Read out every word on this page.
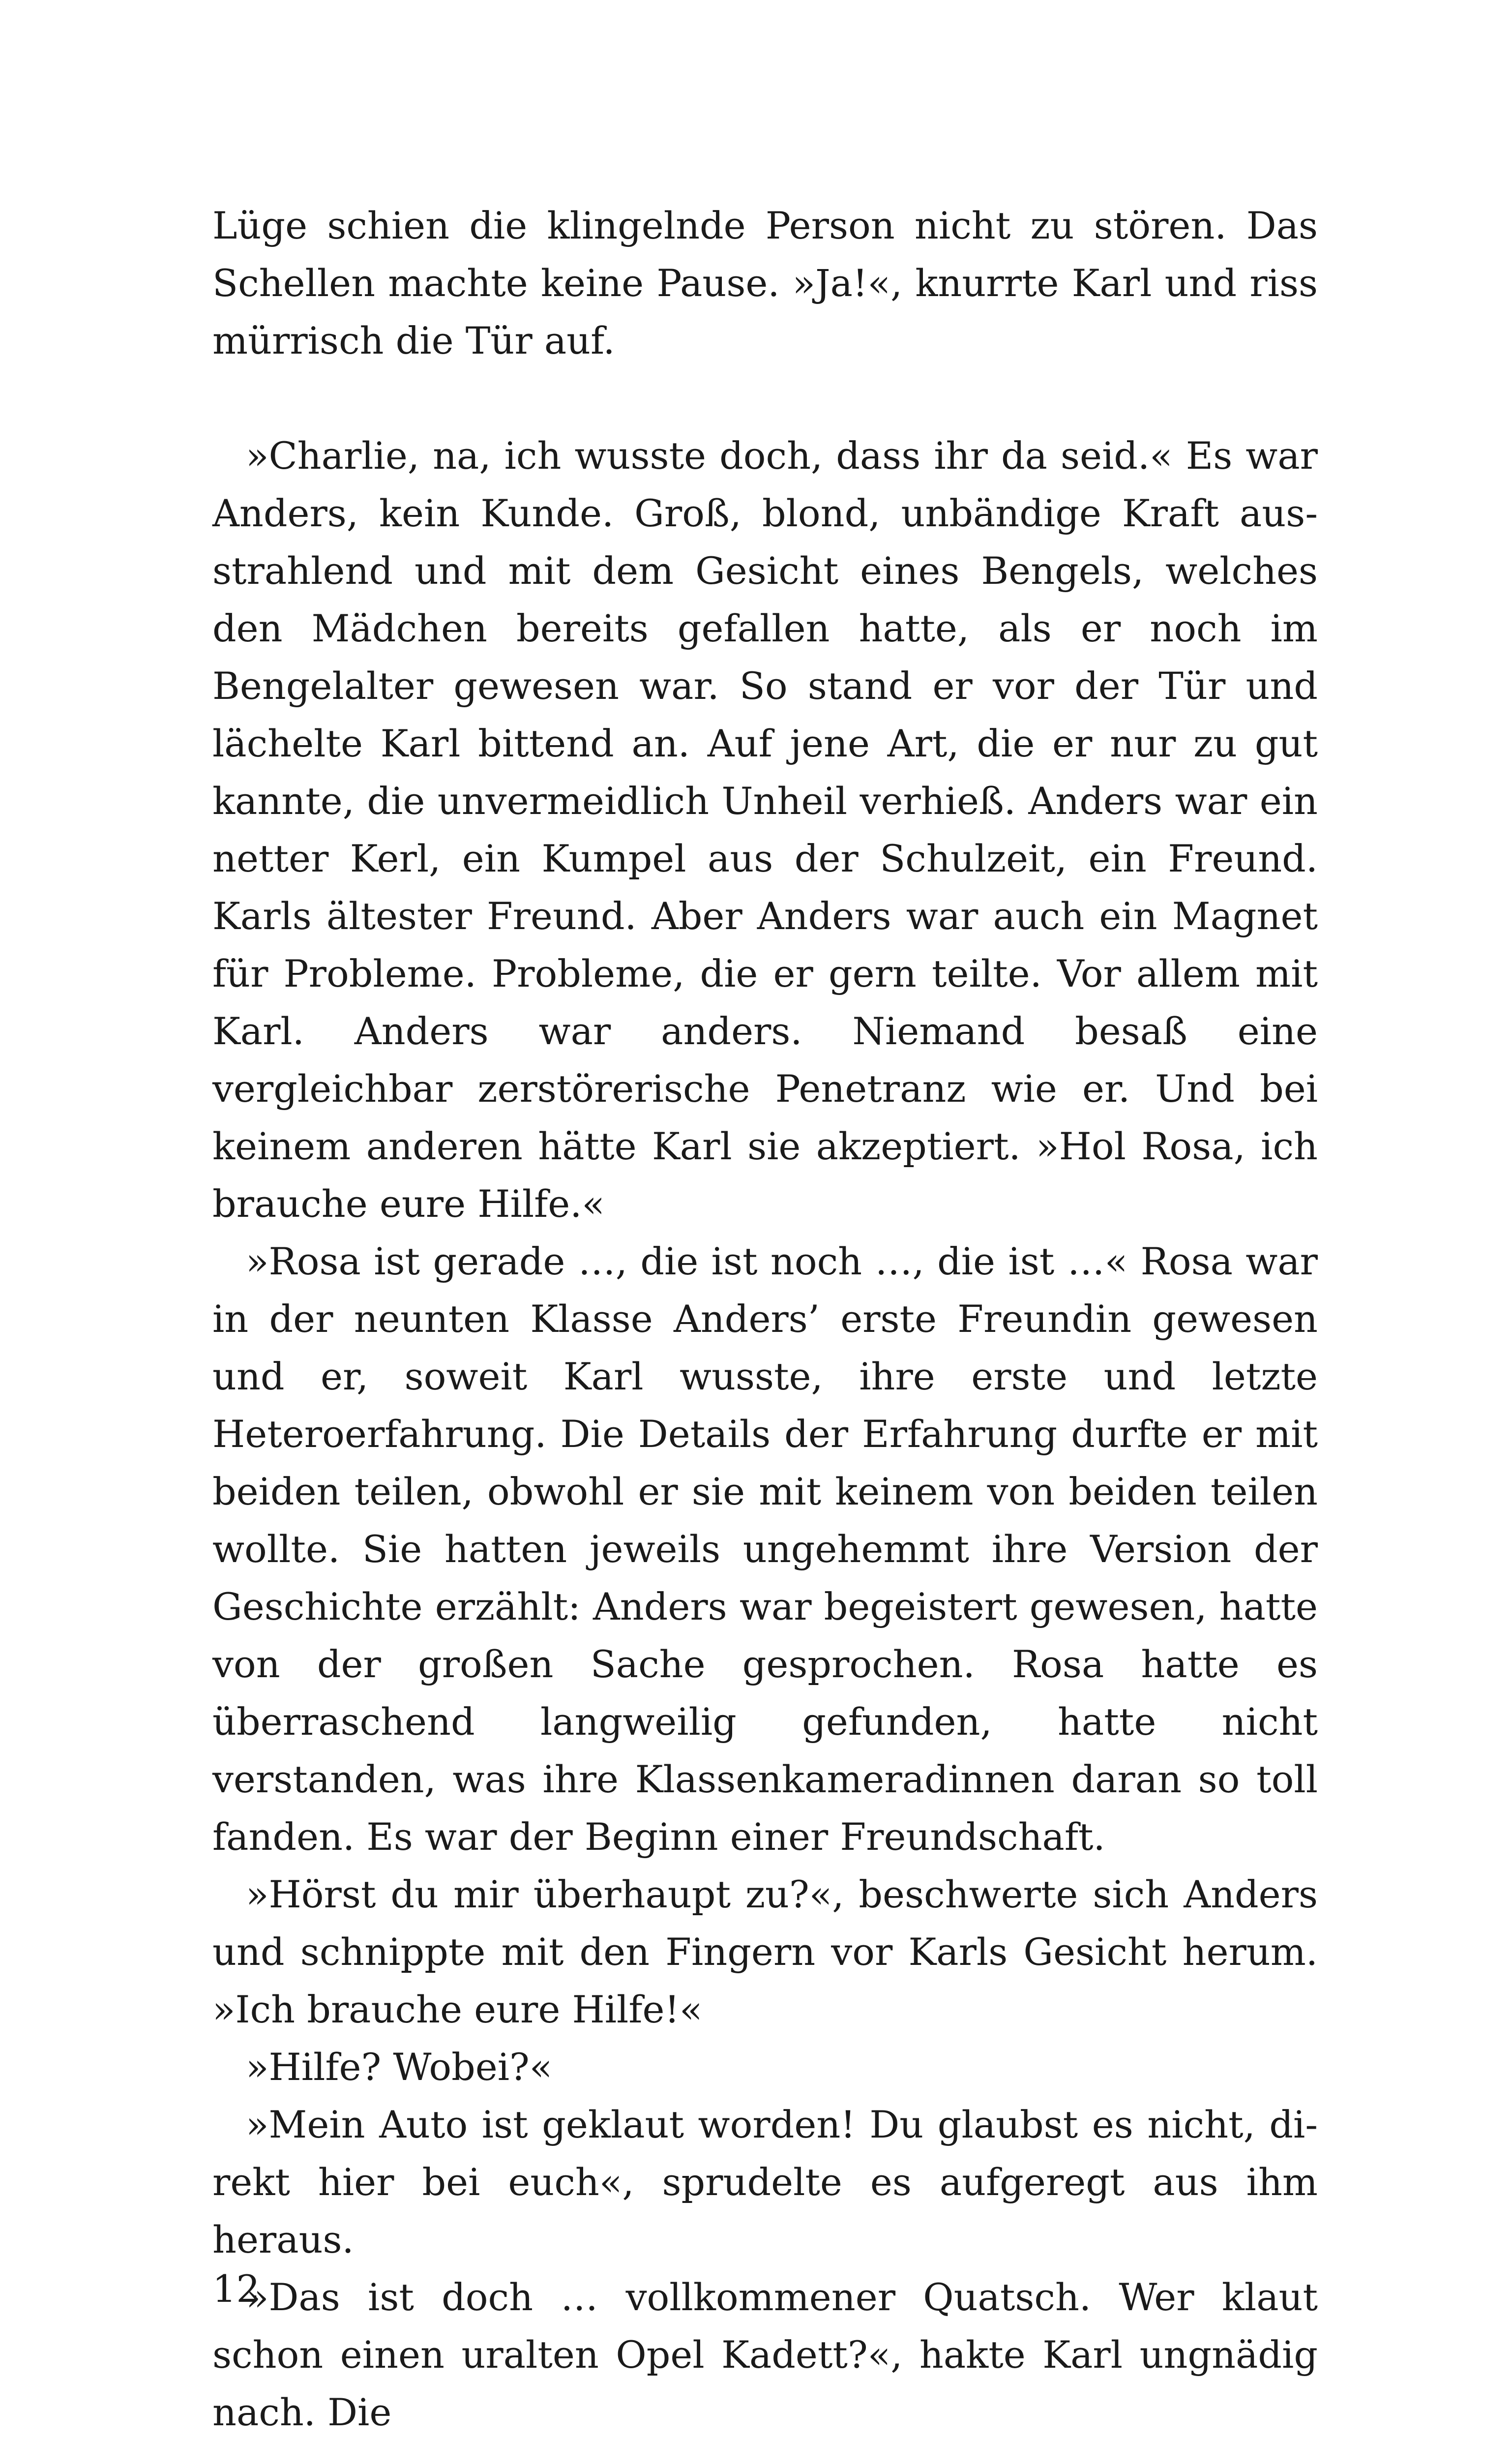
Lüge schien die klingelnde Person nicht zu stören. Das Schellen machte keine Pause. »Ja!«, knurrte Karl und riss mürrisch die Tür auf.

»Charlie, na, ich wusste doch, dass ihr da seid.« Es war Anders, kein Kunde. Groß, blond, unbändige Kraft ausstrahlend und mit dem Gesicht eines Bengels, welches den Mädchen bereits gefallen hatte, als er noch im Bengelalter gewesen war. So stand er vor der Tür und lächelte Karl bittend an. Auf jene Art, die er nur zu gut kannte, die unvermeidlich Unheil verhieß. Anders war ein netter Kerl, ein Kumpel aus der Schulzeit, ein Freund. Karls ältester Freund. Aber Anders war auch ein Magnet für Probleme. Probleme, die er gern teilte. Vor allem mit Karl. Anders war anders. Niemand besaß eine vergleichbar zerstörerische Penetranz wie er. Und bei keinem anderen hätte Karl sie akzeptiert. »Hol Rosa, ich brauche eure Hilfe.«

»Rosa ist gerade …, die ist noch …, die ist …« Rosa war in der neunten Klasse Anders’ erste Freundin gewesen und er, soweit Karl wusste, ihre erste und letzte Heteroerfahrung. Die Details der Erfahrung durfte er mit beiden teilen, obwohl er sie mit keinem von beiden teilen wollte. Sie hatten jeweils ungehemmt ihre Version der Geschichte erzählt: Anders war begeistert gewesen, hatte von der großen Sache gesprochen. Rosa hatte es überraschend langweilig gefunden, hatte nicht verstanden, was ihre Klassenkameradinnen daran so toll fanden. Es war der Beginn einer Freundschaft.

»Hörst du mir überhaupt zu?«, beschwerte sich Anders und schnippte mit den Fingern vor Karls Gesicht herum. »Ich brauche eure Hilfe!«

»Hilfe? Wobei?«

»Mein Auto ist geklaut worden! Du glaubst es nicht, direkt hier bei euch«, sprudelte es aufgeregt aus ihm heraus.

»Das ist doch … vollkommener Quatsch. Wer klaut schon einen uralten Opel Kadett?«, hakte Karl ungnädig nach. Die

12
